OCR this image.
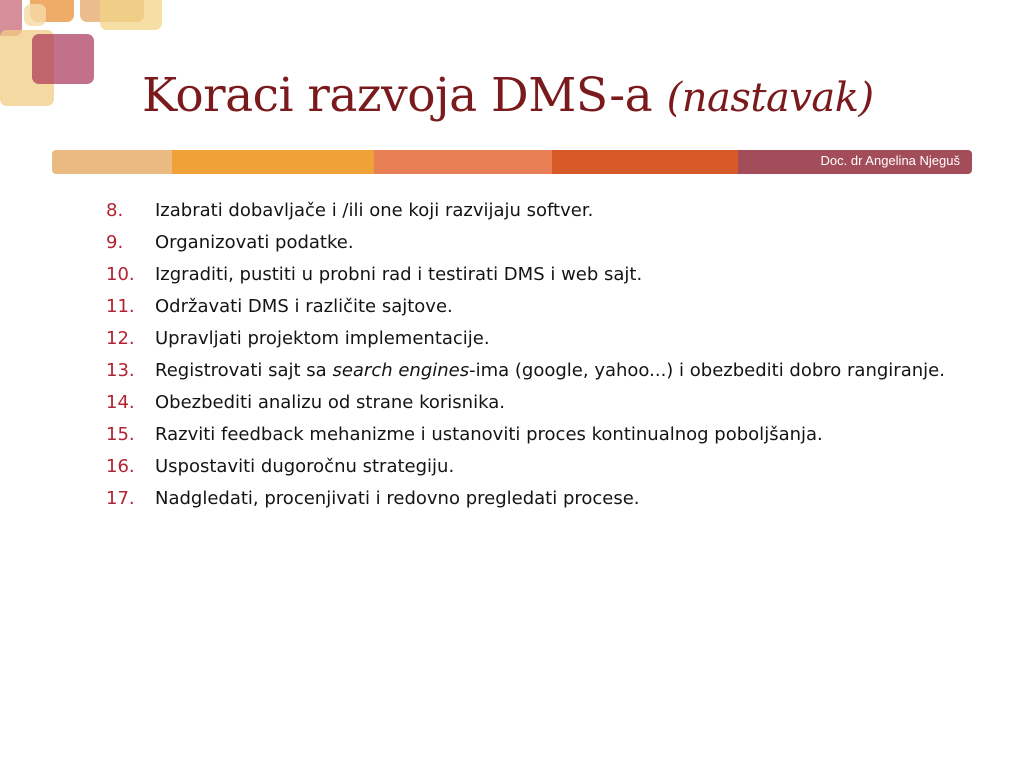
Koraci razvoja DMS-a (nastavak)
Doc. dr Angelina Njeguš
8.	Izabrati dobavljače i /ili one koji razvijaju softver.
9.	Organizovati podatke.
10.	Izgraditi, pustiti u probni rad i testirati DMS i web sajt.
11.	Održavati DMS i različite sajtove.
12.	Upravljati projektom implementacije.
13.	Registrovati sajt sa search engines-ima (google, yahoo...) i obezbediti dobro rangiranje.
14.	Obezbediti analizu od strane korisnika.
15.	Razviti feedback mehanizme i ustanoviti proces kontinualnog poboljšanja.
16.	Uspostaviti dugoročnu strategiju.
17.	Nadgledati, procenjivati i redovno pregledati procese.
